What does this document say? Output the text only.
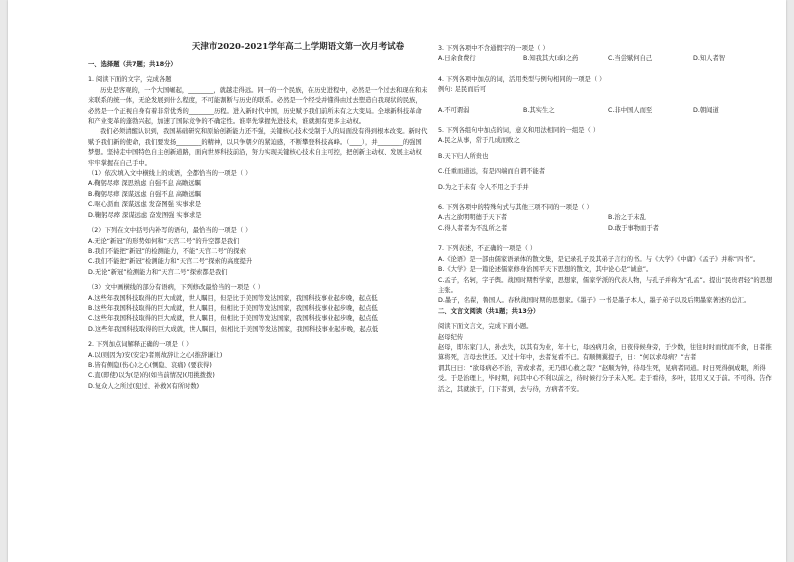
天津市2020-2021学年高二上学期语文第一次月考试卷

一、选择题（共7题；共18分）

1. 阅读下面的文字，完成各题

历史是客观的，一个大国崛起，________，就越走得远。同一的一个民族，在历史进程中，必然是一个过去和现在和未来联系的统一体，无论发展到什么程度，不可能割断与历史的联系。必然是一个经受并懂得由过去塑造自我现状的民族，必然是一个正视自身有着非常优秀的________历程。进入新时代中国，历史赋予我们前所未有之大变局。全球新科技革命和产业变革的蓬勃兴起，加速了国际竞争的不确定性。谁率先掌握先进技术，谁就拥有更多主动权。

我们必须清醒认识到，我国基础研究和原始创新能力还不强，关键核心技术受制于人的局面没有得到根本改变。新时代赋予我们新的使命，我们要发扬________的精神，以只争朝夕的紧迫感，不断攀登科技高峰。（____），并________的强国梦想。坚持走中国特色自主创新道路，面向世界科技前沿，努力实现关键核心技术自主可控，把创新主动权、发展主动权牢牢掌握在自己手中。

（1）依次填入文中横线上的成语，全都恰当的一项是（ ）

A.鞠躬尽瘁 深思熟虑 自强不息 高瞻远瞩

B.鞠躬尽瘁 深谋远虑 自强不息 高瞻远瞩

C.呕心沥血 深谋远虑 发奋图强 实事求是

D.鞠躬尽瘁 深谋远虑 奋发图强 实事求是

（2）下列在文中括号内补写的语句，最恰当的一项是（ ）

A.无论“新冠”的形势如何和“天宫二号”的升空都是我们

B.我们不能把“新冠”的检测能力，不能“天宫二号”的探索

C.我们不能把“新冠”检测能力和“天宫二号”探索的高度提升

D.无论“新冠”检测能力和“天宫二号”探索都是我们

（3）文中画横线的部分有语病，下列修改最恰当的一项是（ ）

A.这些年我国科技取得的巨大成就，世人瞩目，但是比于美国等发达国家，我国科技事业起步晚，起点低

B.这些年我国科技取得的巨大成就，世人瞩目，但相比于美国等发达国家，我国科技事业起步晚，起点低

C.这些年我国科技取得的巨大成就，世人瞩目，但相比于美国等发达国家，我国科技事业起步晚，起点低

D.这些年我国科技取得的巨大成就，世人瞩目，但相比于美国等发达国家，我国科技事业起步晚，起点低

2. 下列加点词解释正确的一项是（ ）

A.以(则因为)安(安定)者则故辞让之心(推辞谦让)

B.皆有侧隐(伤心)之心(恻隐、哀痛) (要获得)

C.直(即使)以为(是)的(如当前情况)(用挑拨拨)

D.复众人之所过(犯过、补救)(有所时数)

3. 下列各项中不含通假字的一项是（ ）

A.日余食费行	B.知我其大(乖)之药	C.当尝赋何自己	D.知人者智

4. 下列各项中加点的词，活用类型与例句相同的一项是（ ）

例句: 足民而后可

A.不可谓弱	B.其实生之	C.非中国人而至	D.朝闻道

5. 下列各组句中加点的词，意义和用法相同的一组是（ ）

A.民之从事，常于几成而败之

B.天下归人所贵也

C.任重而道远，有是四端而自谓不能者

D.为之于未有 令人不用之于手并

6. 下列各项中的特殊句式与其他三项不同的一项是（ ）

A.古之欲明明德于天下者	B.治之于未乱
C.得人者者为不乱所之者	D.敢于事物而于者

7. 下列表述，不正确的一项是（ ）

A.《论语》是一部由儒家语录体的散文集，是记录孔子及其弟子言行的书。与《大学》《中庸》《孟子》并称“四书”。

B.《大学》是一篇论述儒家修身治国平天下思想的散文，其中论心是“诚意”。

C.孟子，名轲，字子舆。战国时期哲学家，思想家，儒家学派的代表人物，与孔子并称为“孔孟”。提出“民贵君轻”的思想主张。

D.墨子，名翟，鲁国人。春秋战国时期的思想家。《墨子》一书是墨子本人，墨子弟子以及后期墨家著述的总汇。

二、文言文阅读（共1题；共13分）

阅读下面文言文，完成下面小题。

赵母纪传

赵母，即东家门人，孙去失，以其有为业，年十七，母凶病月余，日夜侍候身旁，于少数，往往时时而忧而不食，日者推算将死，言母去世还。又过十年中，去者复看不已。有顺侧翼提子，日：“何以求母病？”古者

谓其曰曰：“欲母病必不治，苦或求者，无乃即心救之哉？”赵顺为钟，待母生死，见病者同道。时日死得倒成眼，所得受。于是治理上，毕时期，问其中心不利以前之，待时候行分子未入死。走于看待，多叶，甚用又又于前。不可得。告作活之，其就欲于，门下者到，去与待，方病者不安。
